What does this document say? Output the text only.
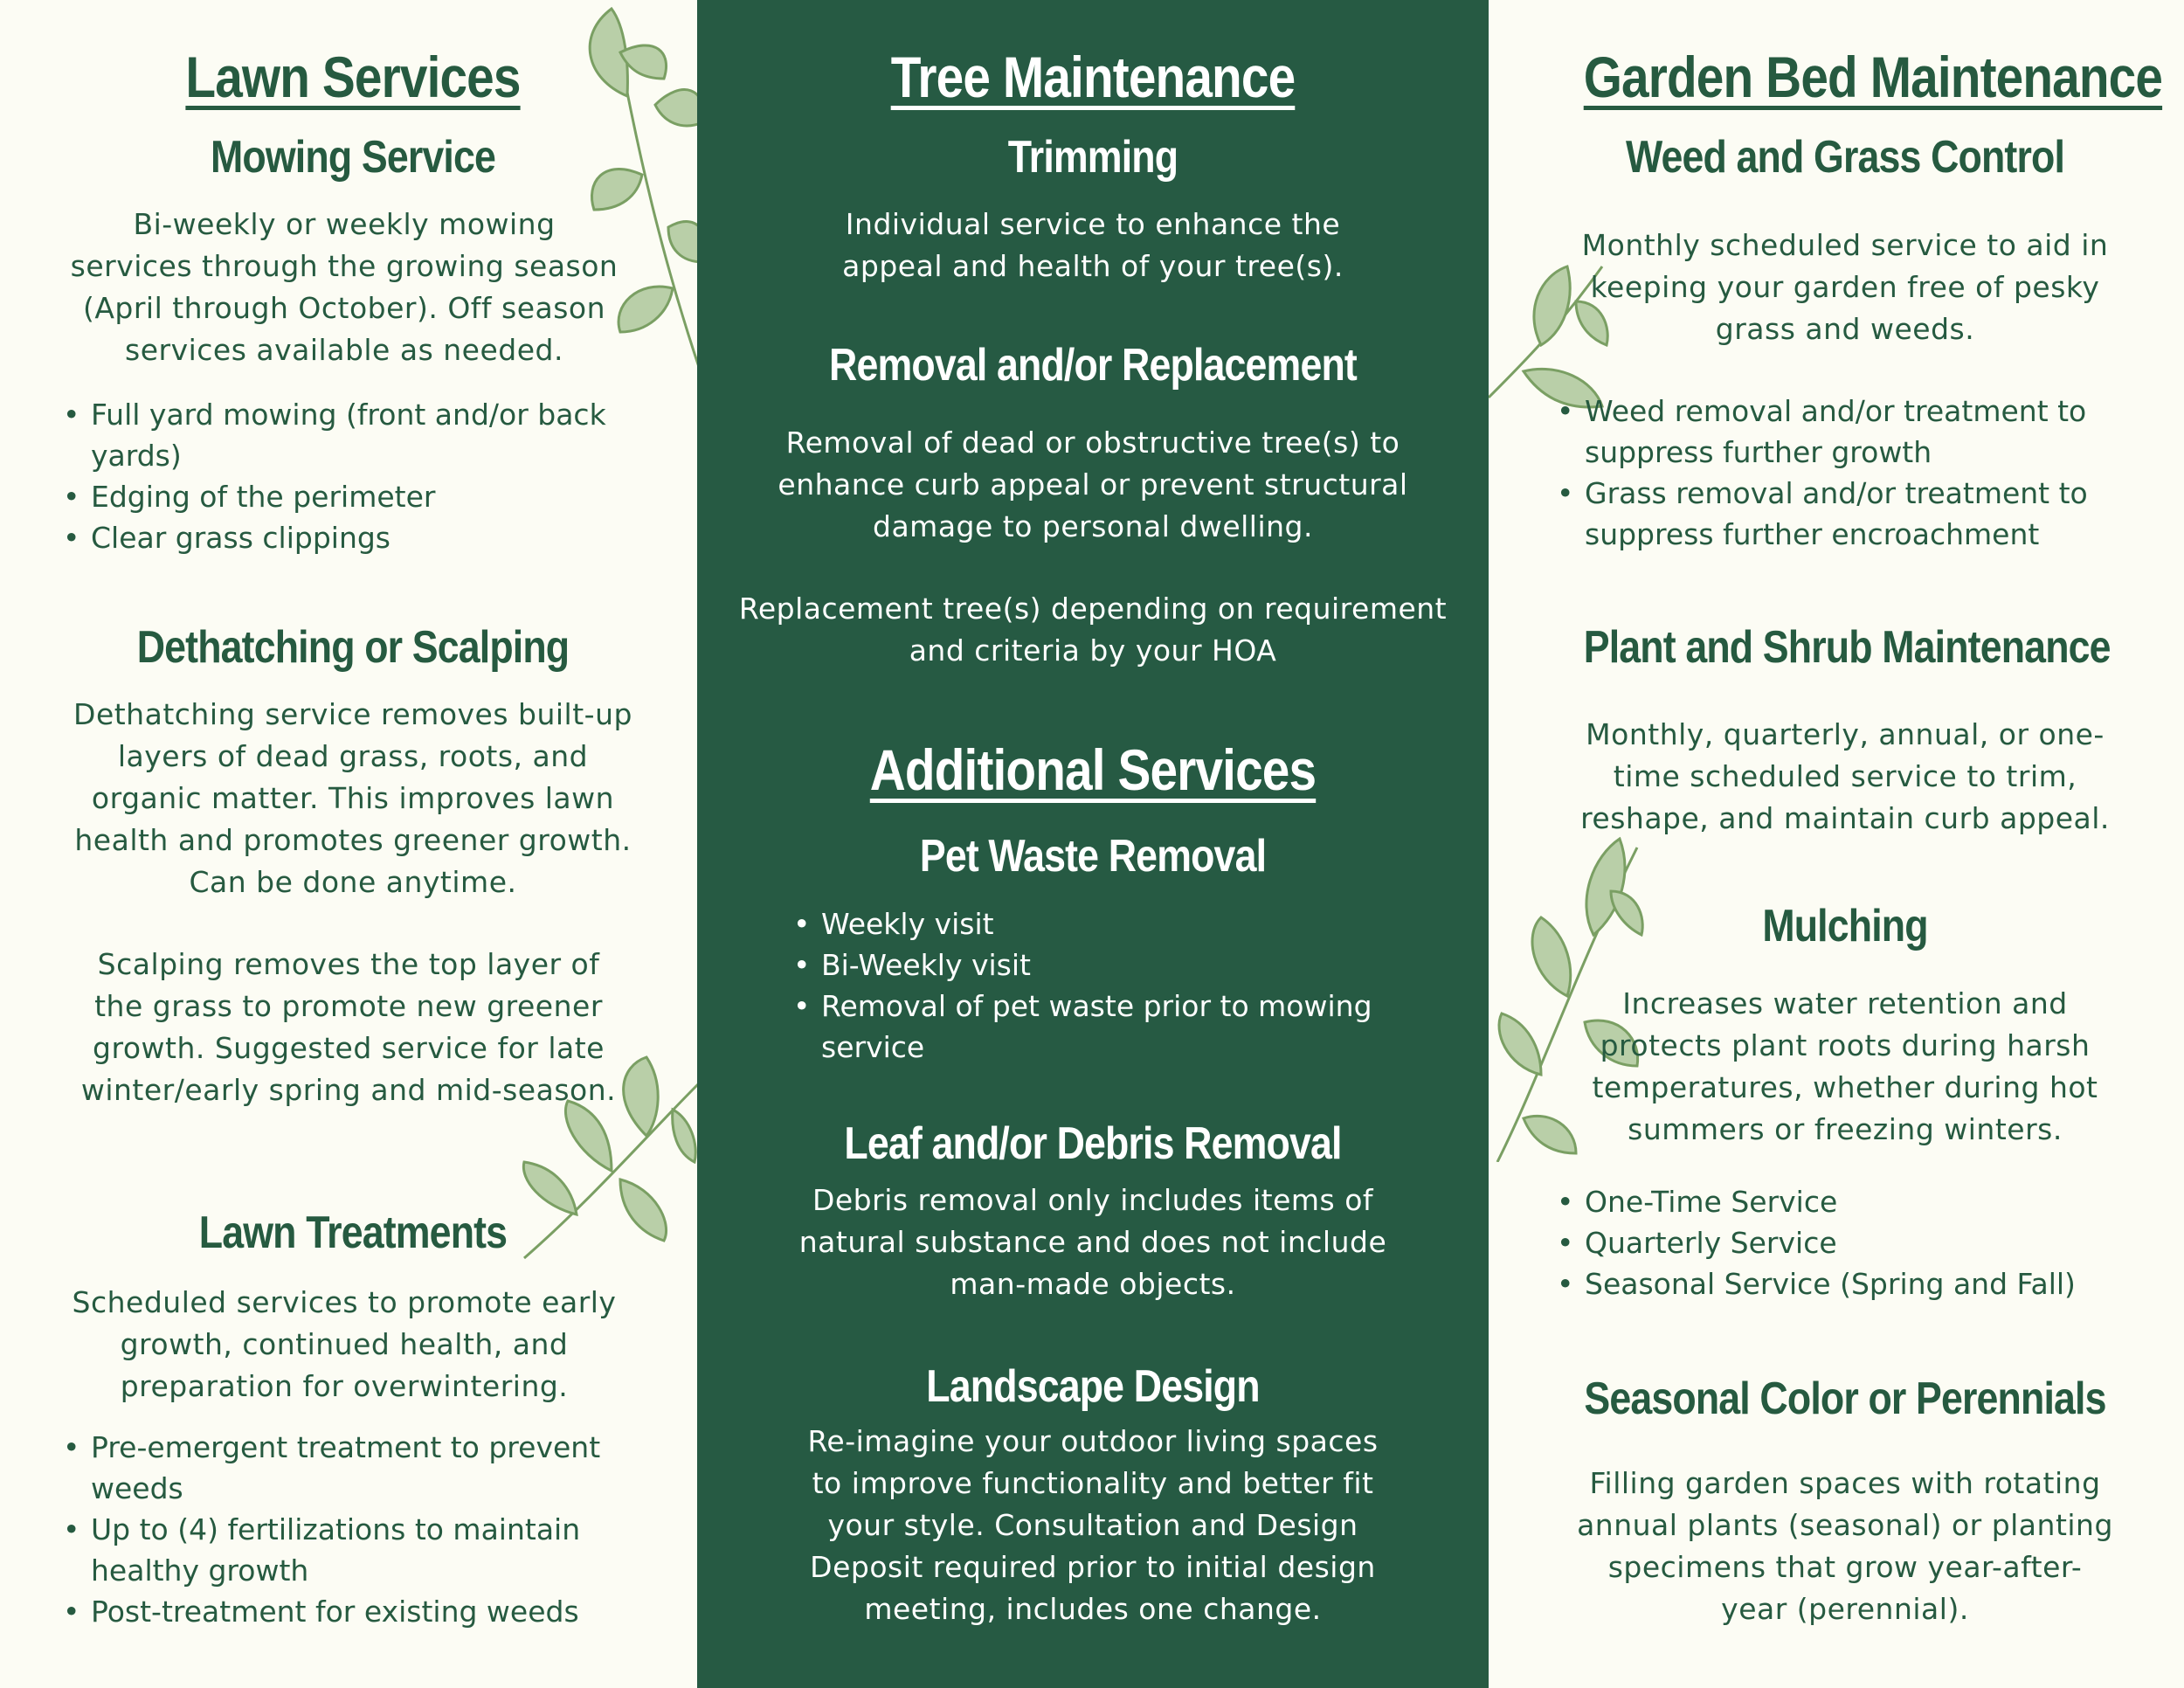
Lawn Services
Mowing Service

Bi-weekly or weekly mowing services through the growing season (April through October). Off season services available as needed.

• Full yard mowing (front and/or back yards)
• Edging of the perimeter
• Clear grass clippings
Dethatching or Scalping

Dethatching service removes built-up layers of dead grass, roots, and organic matter. This improves lawn health and promotes greener growth. Can be done anytime.

Scalping removes the top layer of the grass to promote new greener growth. Suggested service for late winter/early spring and mid-season.

Lawn Treatments

Scheduled services to promote early growth, continued health, and preparation for overwintering.

• Pre-emergent treatment to prevent weeds
• Up to (4) fertilizations to maintain healthy growth
• Post-treatment for existing weeds
Tree Maintenance
Trimming

Individual service to enhance the appeal and health of your tree(s).

Removal and/or Replacement

Removal of dead or obstructive tree(s) to enhance curb appeal or prevent structural damage to personal dwelling.

Replacement tree(s) depending on requirement and criteria by your HOA

Additional Services
Pet Waste Removal
• Weekly visit
• Bi-Weekly visit
• Removal of pet waste prior to mowing service
Leaf and/or Debris Removal

Debris removal only includes items of natural substance and does not include man-made objects.

Landscape Design

Re-imagine your outdoor living spaces to improve functionality and better fit your style. Consultation and Design Deposit required prior to initial design meeting, includes one change.

Garden Bed Maintenance
Weed and Grass Control

Monthly scheduled service to aid in keeping your garden free of pesky grass and weeds.

• Weed removal and/or treatment to suppress further growth
• Grass removal and/or treatment to suppress further encroachment
Plant and Shrub Maintenance

Monthly, quarterly, annual, or one-time scheduled service to trim, reshape, and maintain curb appeal.

Mulching

Increases water retention and protects plant roots during harsh temperatures, whether during hot summers or freezing winters.

• One-Time Service
• Quarterly Service
• Seasonal Service (Spring and Fall)
Seasonal Color or Perennials

Filling garden spaces with rotating annual plants (seasonal) or planting specimens that grow year-after-year (perennial).
